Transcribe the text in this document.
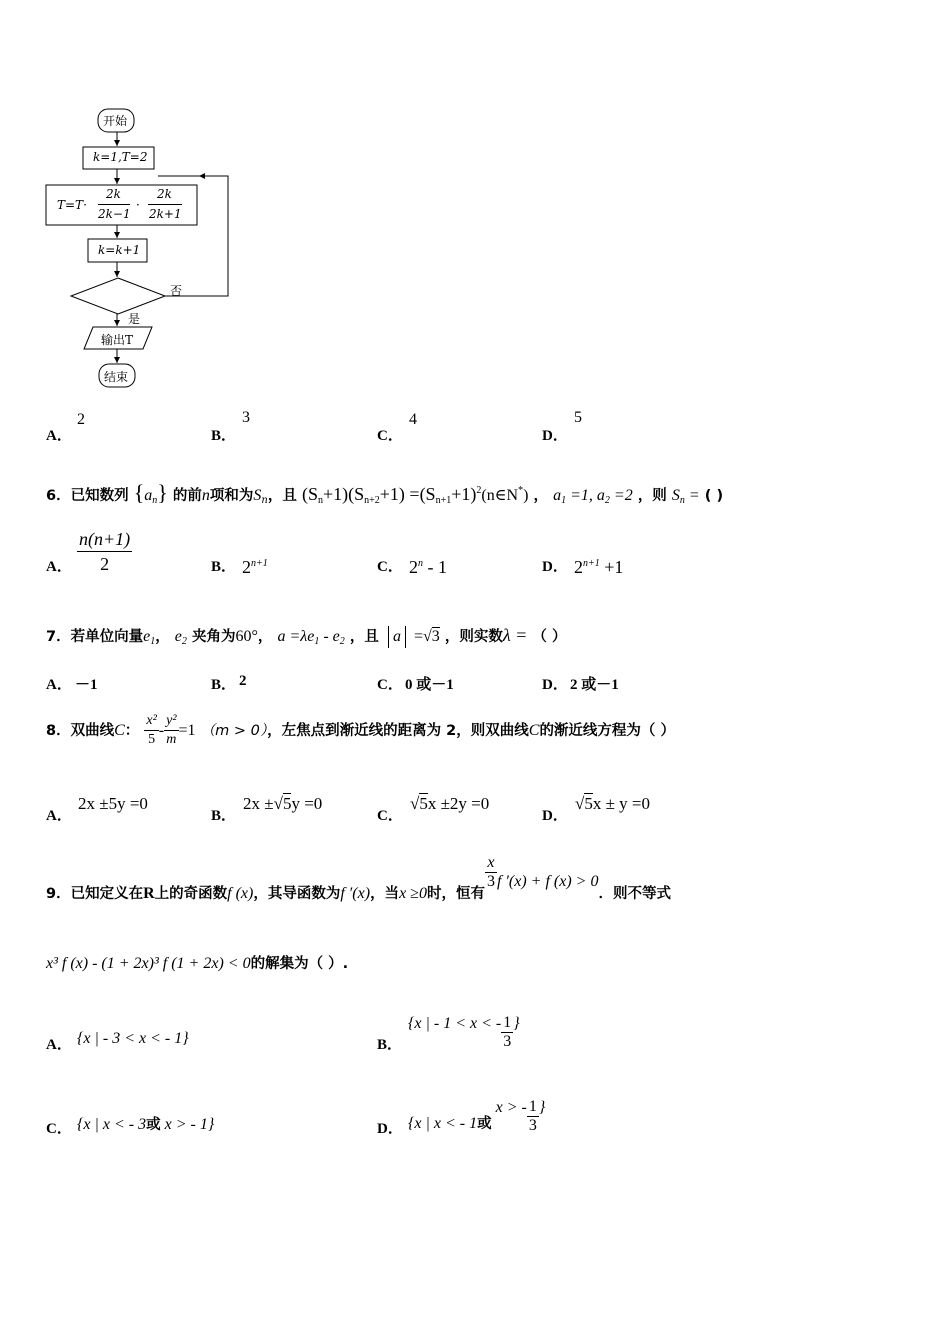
开始
k=1,T=2
T=T·
2k
2k−1
·
2k
2k+1
k=k+1
否
是
输出T
结束
A．
2
B．
3
C．
4
D．
5
6．已知数列 $\{a_n\}$ 的前n项和为$S_n$，且 $(S_n+1)(S_{n+2}+1)$ $=(S_{n+1}+1)^2(n\in N^*)$ ， $a_1 =1$, $a_2 =2$ ，则 $S_n$ = ( )
A． $\frac{n(n+1)}{2}$	B． $2^{n+1}$	C． 2$^n$ - 1	D． $2^{n+1} +1$
7．若单位向量$e_1$， $e_2$ 夹角为60°， $a =\lambda e_1 - e_2$ ，且 a =√3 ，则实数λ = （ ）
A． －1	B． 2	C． 0 或－1	D． 2 或－1
8．双曲线C： $\frac{\text{x²}}{5} - \frac{\text{y²}}{m} =1$ （m > 0），左焦点到渐近线的距离为 2，则双曲线C的渐近线方程为（ ）
A．
2x ±5y =0
B．
2x ±√5y =0
C．
√5x ±2y =0
D．
√5x ± y =0
9．已知定义在R上的奇函数f (x)，其导函数为f ′(x)，当x ≥0时，恒有
$\frac{x}{3}$ f ′(x) + f (x) > 0．则不等式
x³ f (x) - (1 + 2x)³ f (1 + 2x) < 0的解集为（ ）.
A． {x | - 3 < x < - 1}	B．
{x | - 1 < x < - $\frac{1}{3}$ }
C． {x | x < - 3或 x > - 1}	D． {x | x < - 1或 x > - $\frac{1}{3}$ }
